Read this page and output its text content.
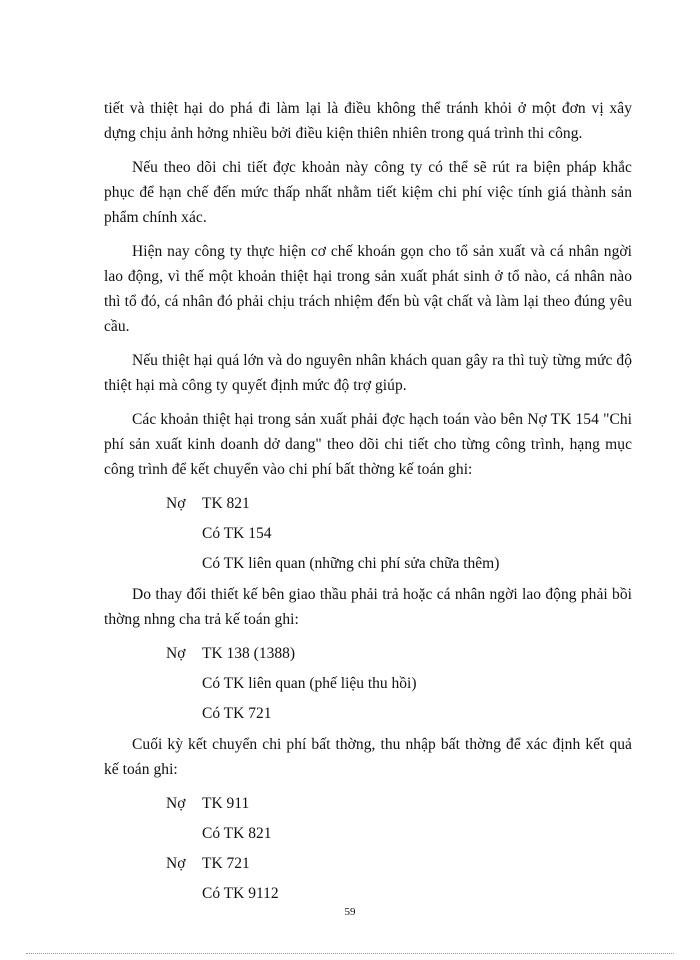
tiết và thiệt hại do phá đi làm lại là điều không thể tránh khỏi ở một đơn vị xây dựng chịu ảnh hởng nhiều bởi điều kiện thiên nhiên trong quá trình thi công.

Nếu theo dõi chi tiết đợc khoản này công ty có thể sẽ rút ra biện pháp khắc phục để hạn chế đến mức thấp nhất nhằm tiết kiệm chi phí việc tính giá thành sản phẩm chính xác.

Hiện nay công ty thực hiện cơ chế khoán gọn cho tổ sản xuất và cá nhân ngời lao động, vì thế một khoản thiệt hại trong sản xuất phát sinh ở tổ nào, cá nhân nào thì tổ đó, cá nhân đó phải chịu trách nhiệm đến bù vật chất và làm lại theo đúng yêu cầu.

Nếu thiệt hại quá lớn và do nguyên nhân khách quan gây ra thì tuỳ từng mức độ thiệt hại mà công ty quyết định mức độ trợ giúp.

Các khoản thiệt hại trong sản xuất phải đợc hạch toán vào bên Nợ TK 154 "Chi phí sản xuất kinh doanh dở dang" theo dõi chi tiết cho từng công trình, hạng mục công trình để kết chuyển vào chi phí bất thờng kế toán ghi:

Nợ TK 821
Có TK 154
Có TK liên quan (những chi phí sửa chữa thêm)

Do thay đổi thiết kế bên giao thầu phải trả hoặc cá nhân ngời lao động phải bồi thờng nhng cha trả kế toán ghi:

Nợ TK 138 (1388)
Có TK liên quan (phế liệu thu hồi)
Có TK 721

Cuối kỳ kết chuyển chi phí bất thờng, thu nhập bất thờng để xác định kết quả kế toán ghi:

Nợ TK 911
Có TK 821
Nợ TK 721
Có TK 9112
59
